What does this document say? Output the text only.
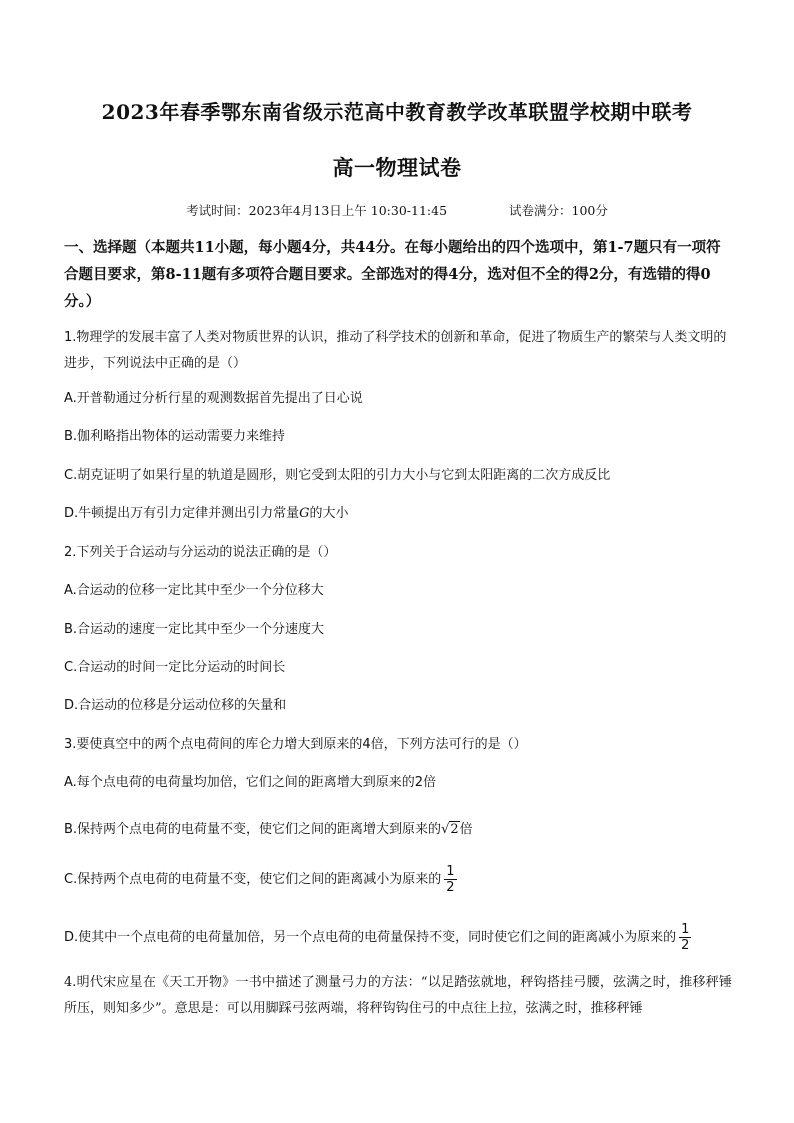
2023年春季鄂东南省级示范高中教育教学改革联盟学校期中联考
高一物理试卷
考试时间：2023年4月13日上午 10:30-11:45	试卷满分：100分
一、选择题（本题共11小题，每小题4分，共44分。在每小题给出的四个选项中，第1-7题只有一项符合题目要求，第8-11题有多项符合题目要求。全部选对的得4分，选对但不全的得2分，有选错的得0分。）
1.物理学的发展丰富了人类对物质世界的认识，推动了科学技术的创新和革命，促进了物质生产的繁荣与人类文明的进步，下列说法中正确的是（）
A.开普勒通过分析行星的观测数据首先提出了日心说
B.伽利略指出物体的运动需要力来维持
C.胡克证明了如果行星的轨道是圆形，则它受到太阳的引力大小与它到太阳距离的二次方成反比
D.牛顿提出万有引力定律并测出引力常量G的大小
2.下列关于合运动与分运动的说法正确的是（）
A.合运动的位移一定比其中至少一个分位移大
B.合运动的速度一定比其中至少一个分速度大
C.合运动的时间一定比分运动的时间长
D.合运动的位移是分运动位移的矢量和
3.要使真空中的两个点电荷间的库仑力增大到原来的4倍，下列方法可行的是（）
A.每个点电荷的电荷量均加倍，它们之间的距离增大到原来的2倍
B.保持两个点电荷的电荷量不变，使它们之间的距离增大到原来的√2倍
C.保持两个点电荷的电荷量不变，使它们之间的距离减小为原来的 $\frac{1}{2}$
D.使其中一个点电荷的电荷量加倍，另一个点电荷的电荷量保持不变，同时使它们之间的距离减小为原来的 $\frac{1}{2}$
4.明代宋应星在《天工开物》一书中描述了测量弓力的方法：“以足踏弦就地，秤钩搭挂弓腰，弦满之时，推移秤锤所压，则知多少”。意思是：可以用脚踩弓弦两端，将秤钩钩住弓的中点往上拉，弦满之时，推移秤锤
